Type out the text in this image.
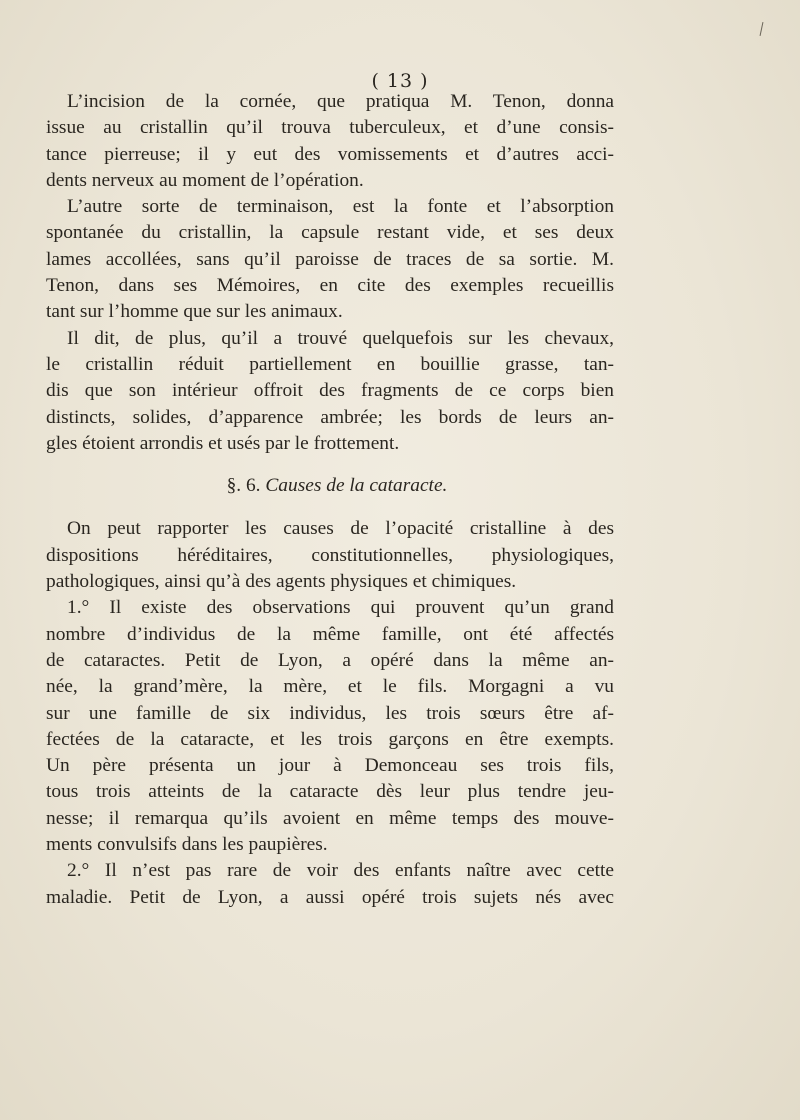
( 13 )
L’incision de la cornée, que pratiqua M. Tenon, donna
issue au cristallin qu’il trouva tuberculeux, et d’une consis-
tance pierreuse; il y eut des vomissements et d’autres acci-
dents nerveux au moment de l’opération.
L’autre sorte de terminaison, est la fonte et l’absorption
spontanée du cristallin, la capsule restant vide, et ses deux
lames accollées, sans qu’il paroisse de traces de sa sortie. M.
Tenon, dans ses Mémoires, en cite des exemples recueillis
tant sur l’homme que sur les animaux.
Il dit, de plus, qu’il a trouvé quelquefois sur les chevaux,
le cristallin réduit partiellement en bouillie grasse, tan-
dis que son intérieur offroit des fragments de ce corps bien
distincts, solides, d’apparence ambrée; les bords de leurs an-
gles étoient arrondis et usés par le frottement.
§. 6. Causes de la cataracte.
On peut rapporter les causes de l’opacité cristalline à des
dispositions héréditaires, constitutionnelles, physiologiques,
pathologiques, ainsi qu’à des agents physiques et chimiques.
1.° Il existe des observations qui prouvent qu’un grand
nombre d’individus de la même famille, ont été affectés
de cataractes. Petit de Lyon, a opéré dans la même an-
née, la grand’mère, la mère, et le fils. Morgagni a vu
sur une famille de six individus, les trois sœurs être af-
fectées de la cataracte, et les trois garçons en être exempts.
Un père présenta un jour à Demonceau ses trois fils,
tous trois atteints de la cataracte dès leur plus tendre jeu-
nesse; il remarqua qu’ils avoient en même temps des mouve-
ments convulsifs dans les paupières.
2.° Il n’est pas rare de voir des enfants naître avec cette
maladie. Petit de Lyon, a aussi opéré trois sujets nés avec
